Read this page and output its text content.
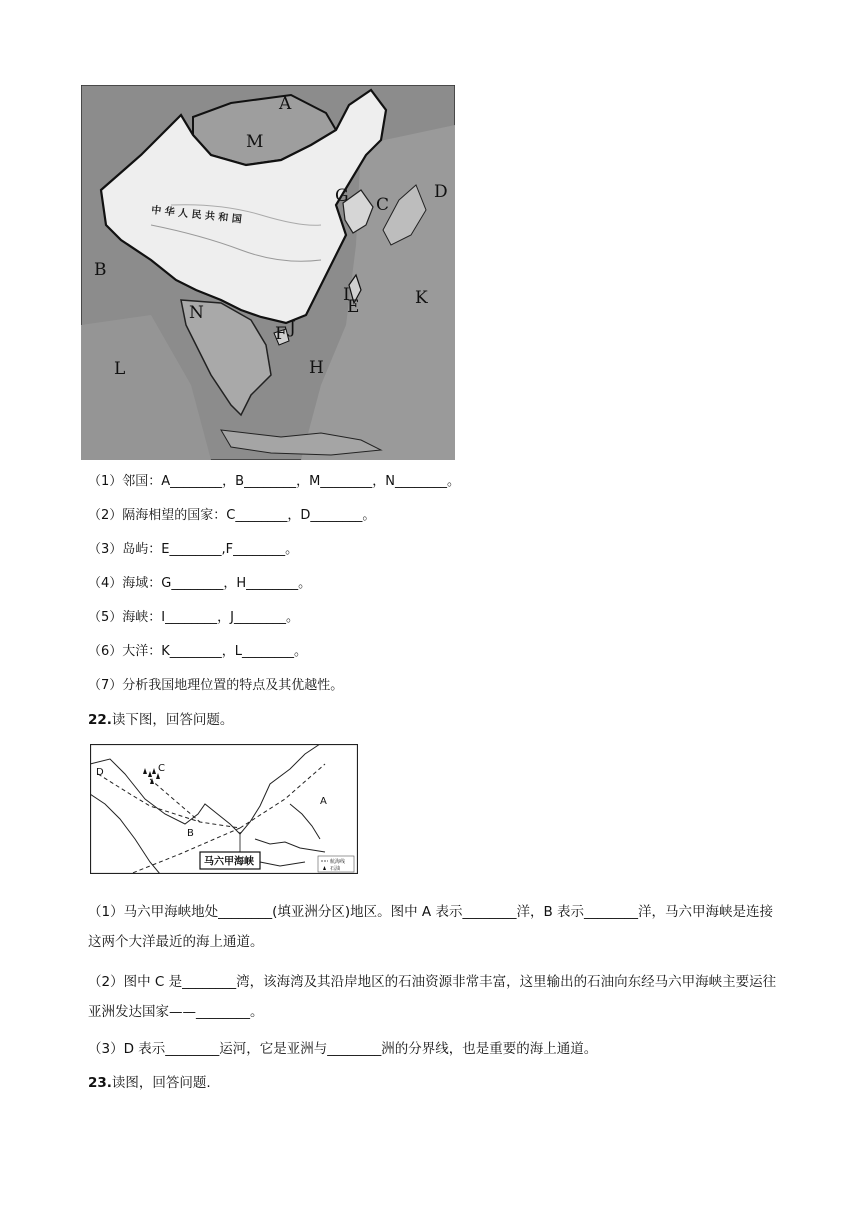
A
M
G C
D
B
N
I
E
J
F
H
K
L
中 华 人 民 共 和 国
（1）邻国：A________，B________，M________，N________。
（2）隔海相望的国家：C________，D________。
（3）岛屿：E________,F________。
（4）海域：G________，H________。
（5）海峡：I________，J________。
（6）大洋：K________，L________。
（7）分析我国地理位置的特点及其优越性。
22.读下图，回答问题。
C
D
B
A
马六甲海峡	航海线
石油
（1）马六甲海峡地处________(填亚洲分区)地区。图中 A 表示________洋，B 表示________洋，马六甲海峡是连接这两个大洋最近的海上通道。
（2）图中 C 是________湾，该海湾及其沿岸地区的石油资源非常丰富，这里输出的石油向东经马六甲海峡主要运往亚洲发达国家——________。
（3）D 表示________运河，它是亚洲与________洲的分界线，也是重要的海上通道。
23.读图，回答问题.
